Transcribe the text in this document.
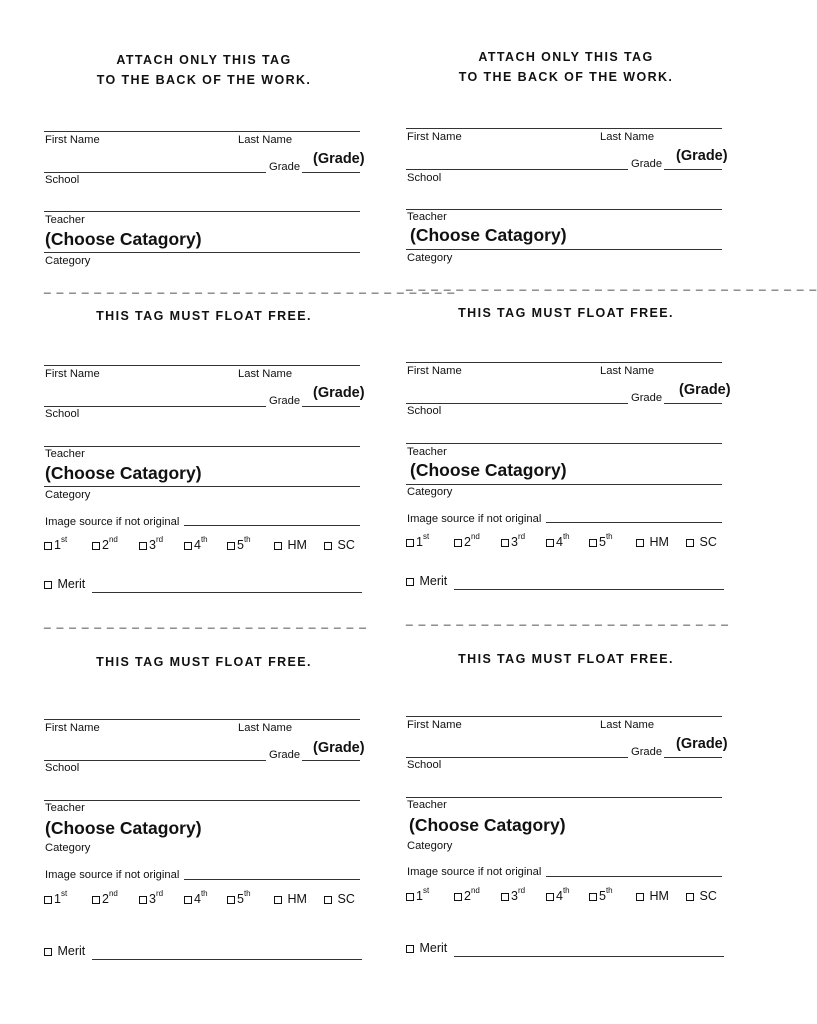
ATTACH ONLY THIS TAG
TO THE BACK OF THE WORK.
First Name	Last Name
Grade (Grade)
School
Teacher
(Choose Catagory)
Category
_ _ _ _ _ _ _ _ _ _ _ _ _ _ _ _ _ _ _ _ _ _ _ _ _ _ _ _ _ _ _ _ _
THIS TAG MUST FLOAT FREE.
First Name	Last Name
Grade (Grade)
School
Teacher
(Choose Catagory)
Category
Image source if not original
1st	2nd 3rd 4th 5th
	HM
SC

Merit
_ _ _ _ _ _ _ _ _ _ _ _ _ _ _ _ _ _ _ _ _ _ _ _ _ _
THIS TAG MUST FLOAT FREE.
First Name	Last Name
Grade (Grade)
School
Teacher
(Choose Catagory)
Category
Image source if not original
1st	2nd 3rd 4th 5th
	HM
SC

Merit
ATTACH ONLY THIS TAG
TO THE BACK OF THE WORK.
First Name	Last Name
Grade (Grade)
School
Teacher
(Choose Catagory)
Category
_ _ _ _ _ _ _ _ _ _ _ _ _ _ _ _ _ _ _ _ _ _ _ _ _ _ _ _ _ _ _ _ _
THIS TAG MUST FLOAT FREE.
First Name	Last Name
Grade (Grade)
School
Teacher
(Choose Catagory)
Category
Image source if not original
1st	2nd 3rd 4th 5th
	HM
SC

Merit
_ _ _ _ _ _ _ _ _ _ _ _ _ _ _ _ _ _ _ _ _ _ _ _ _ _
THIS TAG MUST FLOAT FREE.
First Name	Last Name
Grade (Grade)
School
Teacher
(Choose Catagory)
Category
Image source if not original
1st	2nd 3rd 4th 5th
	HM
SC

Merit
